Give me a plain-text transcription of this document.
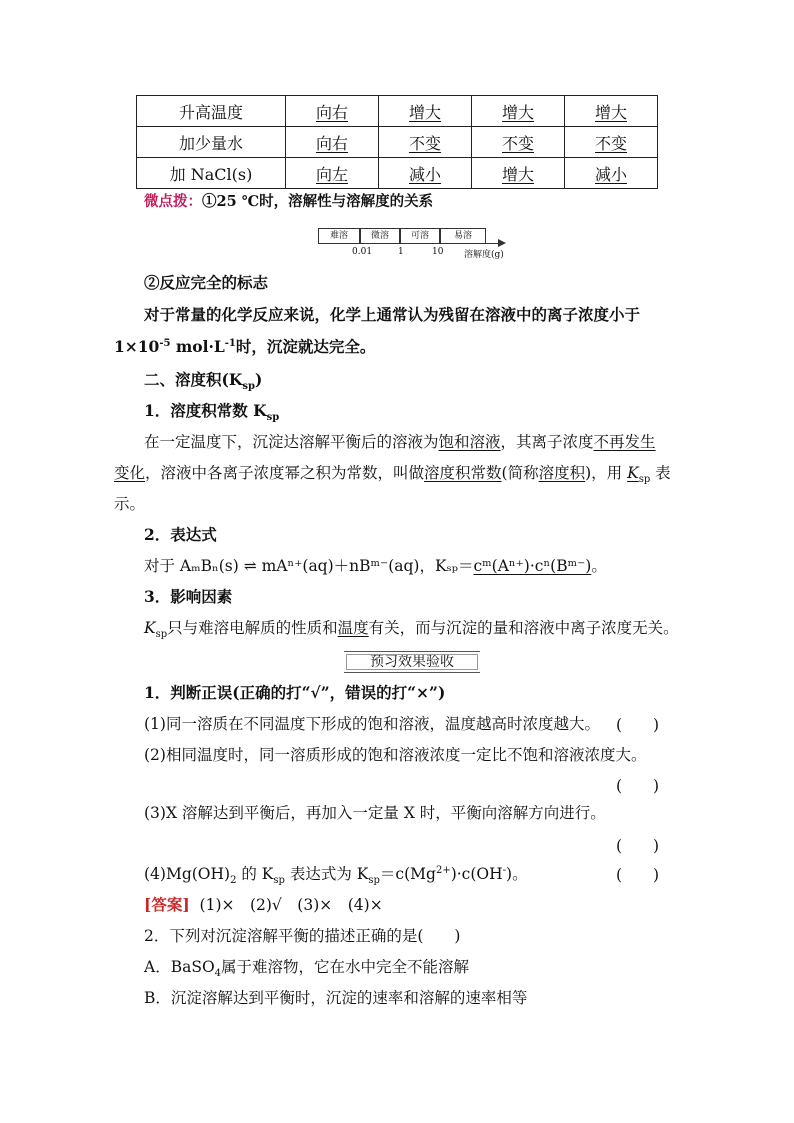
升高温度	向右	增大	增大	增大
加少量水	向右	不变	不变	不变
加 NaCl(s)	向左	减小	增大	减小
微点拨：①25 ℃时，溶解性与溶解度的关系
难溶	微溶	可溶	易溶
0.01	1	10 溶解度(g)
②反应完全的标志
对于常量的化学反应来说，化学上通常认为残留在溶液中的离子浓度小于
$1\times 10^{-5}$ $mol\cdot L^{-1}$时，沉淀就达完全。
二、溶度积$(K_{sp})$
1．溶度积常数 $K_{sp}$
在一定温度下，沉淀达溶解平衡后的溶液为饱和溶液，其离子浓度不再发生
变化，溶液中各离子浓度幂之积为常数，叫做溶度积常数(简称溶度积)，用 $K_{sp}$ 表
示。
2．表达式
对于 AₘBₙ(s) ⇌ mAⁿ⁺(aq)＋nBᵐ⁻(aq)，Kₛₚ＝cᵐ(Aⁿ⁺)·cⁿ(Bᵐ⁻)。
3．影响因素
$K_{sp}$只与难溶电解质的性质和温度有关，而与沉淀的量和溶液中离子浓度无关。
预习效果验收
1．判断正误(正确的打“√”，错误的打“×”)
(1)同一溶质在不同温度下形成的饱和溶液，温度越高时浓度越大。 (　　)
(2)相同温度时，同一溶质形成的饱和溶液浓度一定比不饱和溶液浓度大。
(　　)
(3)X 溶解达到平衡后，再加入一定量 X 时，平衡向溶解方向进行。
(　　)
$(4)Mg(OH)_2$ 的 $K_{sp}$ 表达式为 $K_{sp}=c(Mg^{2+})\cdot c(OH^-)$。	(　　)
[答案] (1)×　(2)√　(3)×　(4)×
2．下列对沉淀溶解平衡的描述正确的是(　　)
A．BaSO$_4$属于难溶物，它在水中完全不能溶解
B．沉淀溶解达到平衡时，沉淀的速率和溶解的速率相等
